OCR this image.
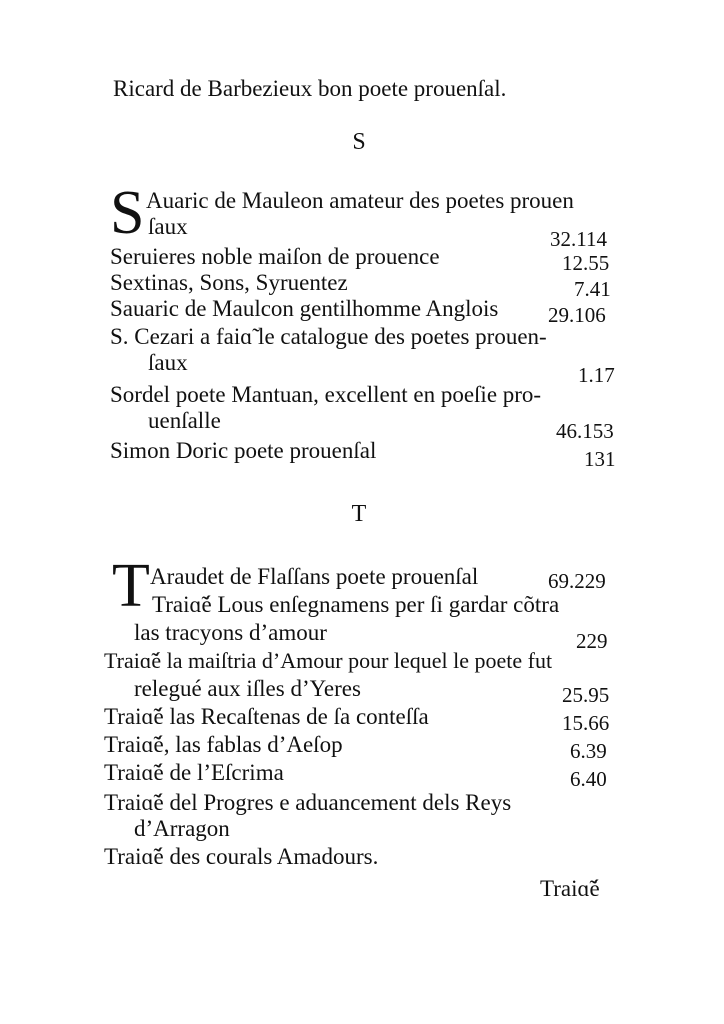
Ricard de Barbezieux bon poete prouenſal.
S
S Auaric de Mauleon amateur des poetes prouen
ſaux	32.114
Seruieres noble maiſon de prouence	12.55
Sextinas, Sons, Syruentez	7.41
Sauaric de Maulcon gentilhomme Anglois 29.106
S. Cezari a faiɑ̃ le catalogue des poetes prouen-
ſaux	1.17
Sordel poete Mantuan, excellent en poeſie pro-
uenſalle	46.153
Simon Doric poete prouenſal	131
T
T Araudet de Flaſſans poete prouenſal	69.229
Traiɑ̃é Lous enſegnamens per ſi gardar cõtra
las tracyons d’amour	229
Traiɑ̃é la maiſtria d’Amour pour lequel le poete fut
relegué aux iſles d’Yeres	25.95
Traiɑ̃é las Recaſtenas de ſa conteſſa	15.66
Traiɑ̃é, las fablas d’Aeſop	6.39
Traiɑ̃é de l’Eſcrima	6.40
Traiɑ̃é del Progres e aduancement dels Reys
d’Arragon
Traiɑ̃é des courals Amadours.
Traiɑ̃é
